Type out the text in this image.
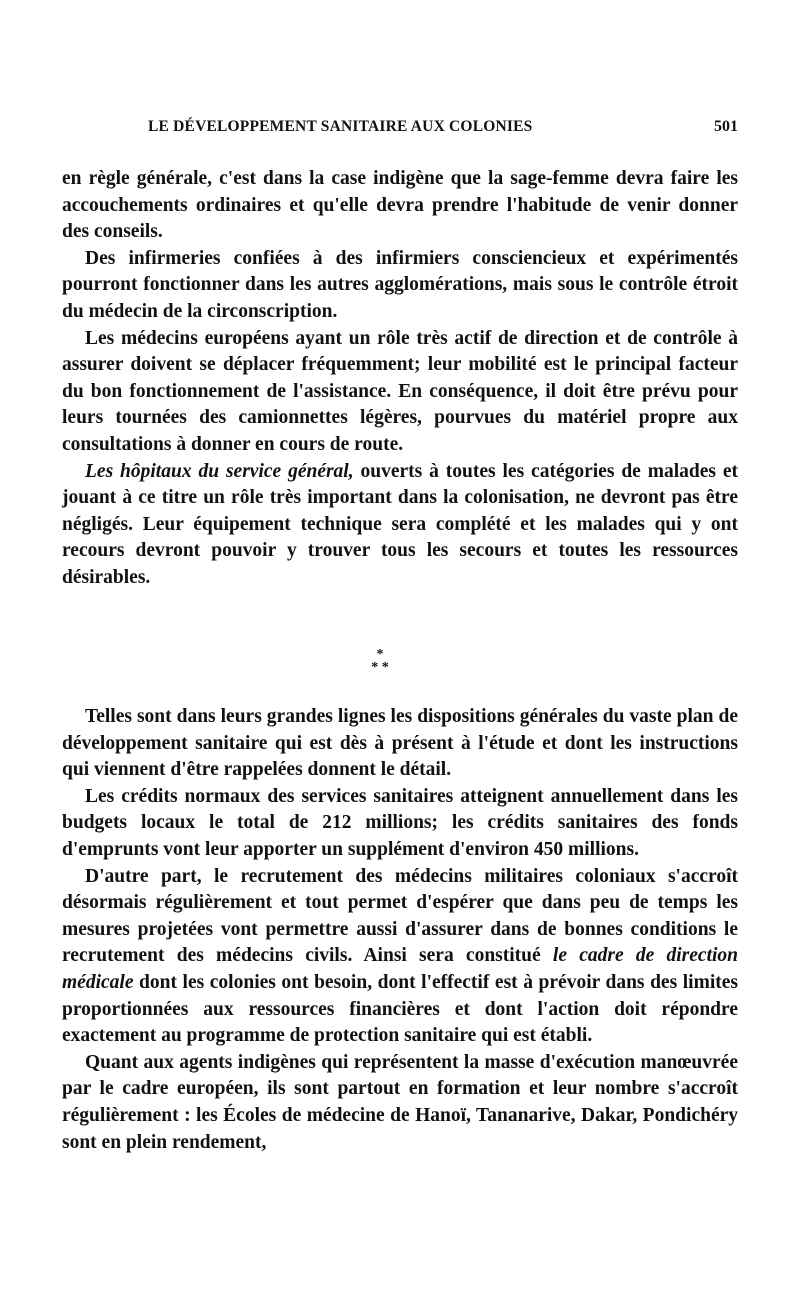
LE DÉVELOPPEMENT SANITAIRE AUX COLONIES	501

en règle générale, c'est dans la case indigène que la sage-femme devra faire les accouchements ordinaires et qu'elle devra prendre l'habitude de venir donner des conseils.

Des infirmeries confiées à des infirmiers consciencieux et expérimentés pourront fonctionner dans les autres agglomérations, mais sous le contrôle étroit du médecin de la circonscription.

Les médecins européens ayant un rôle très actif de direction et de contrôle à assurer doivent se déplacer fréquemment; leur mobilité est le principal facteur du bon fonctionnement de l'assistance. En conséquence, il doit être prévu pour leurs tournées des camionnettes légères, pourvues du matériel propre aux consultations à donner en cours de route.

Les hôpitaux du service général, ouverts à toutes les catégories de malades et jouant à ce titre un rôle très important dans la colonisation, ne devront pas être négligés. Leur équipement technique sera complété et les malades qui y ont recours devront pouvoir y trouver tous les secours et toutes les ressources désirables.

*
* *

Telles sont dans leurs grandes lignes les dispositions générales du vaste plan de développement sanitaire qui est dès à présent à l'étude et dont les instructions qui viennent d'être rappelées donnent le détail.

Les crédits normaux des services sanitaires atteignent annuellement dans les budgets locaux le total de 212 millions; les crédits sanitaires des fonds d'emprunts vont leur apporter un supplément d'environ 450 millions.

D'autre part, le recrutement des médecins militaires coloniaux s'accroît désormais régulièrement et tout permet d'espérer que dans peu de temps les mesures projetées vont permettre aussi d'assurer dans de bonnes conditions le recrutement des médecins civils. Ainsi sera constitué le cadre de direction médicale dont les colonies ont besoin, dont l'effectif est à prévoir dans des limites proportionnées aux ressources financières et dont l'action doit répondre exactement au programme de protection sanitaire qui est établi.

Quant aux agents indigènes qui représentent la masse d'exécution manœuvrée par le cadre européen, ils sont partout en formation et leur nombre s'accroît régulièrement : les Écoles de médecine de Hanoï, Tananarive, Dakar, Pondichéry sont en plein rendement,
